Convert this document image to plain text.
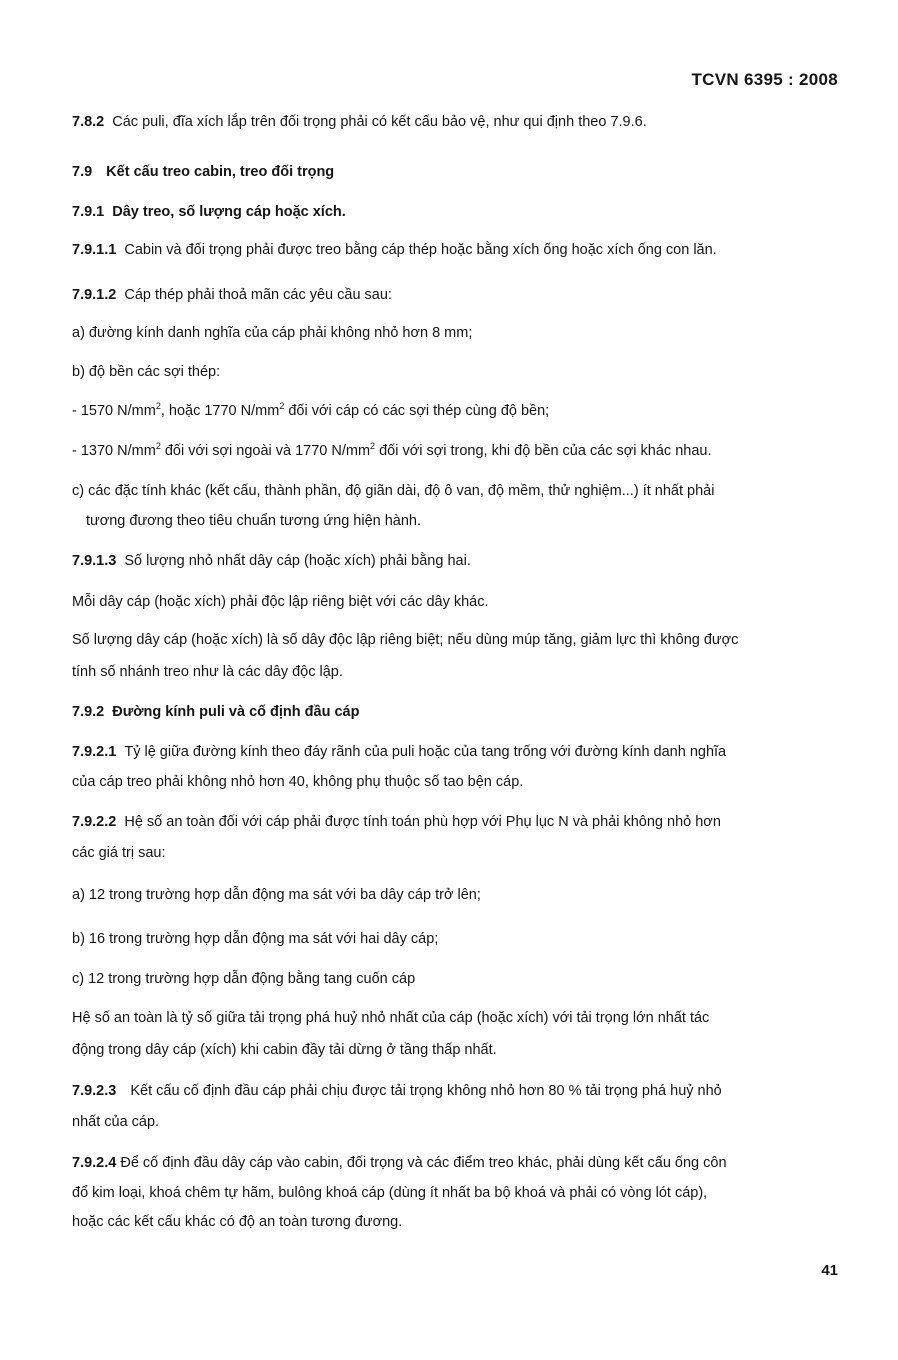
TCVN 6395 : 2008
7.8.2 Các puli, đĩa xích lắp trên đối trọng phải có kết cấu bảo vệ, như qui định theo 7.9.6.
7.9 Kết cấu treo cabin, treo đối trọng
7.9.1 Dây treo, số lượng cáp hoặc xích.
7.9.1.1 Cabin và đối trọng phải được treo bằng cáp thép hoặc bằng xích ống hoặc xích ống con lăn.
7.9.1.2 Cáp thép phải thoả mãn các yêu cầu sau:
a) đường kính danh nghĩa của cáp phải không nhỏ hơn 8 mm;
b) độ bền các sợi thép:
- 1570 $N/mm^2$, hoặc 1770 $N/mm^2$ đối với cáp có các sợi thép cùng độ bền;
- 1370 $N/mm^2$ đối với sợi ngoài và 1770 $N/mm^2$ đối với sợi trong, khi độ bền của các sợi khác nhau.
c) các đặc tính khác (kết cấu, thành phần, độ giãn dài, độ ô van, độ mềm, thử nghiệm...) ít nhất phải
tương đương theo tiêu chuẩn tương ứng hiện hành.
7.9.1.3 Số lượng nhỏ nhất dây cáp (hoặc xích) phải bằng hai.
Mỗi dây cáp (hoặc xích) phải độc lập riêng biệt với các dây khác.
Số lượng dây cáp (hoặc xích) là số dây độc lập riêng biệt; nếu dùng múp tăng, giảm lực thì không được
tính số nhánh treo như là các dây độc lập.
7.9.2 Đường kính puli và cố định đầu cáp
7.9.2.1 Tỷ lệ giữa đường kính theo đáy rãnh của puli hoặc của tang trống với đường kính danh nghĩa
của cáp treo phải không nhỏ hơn 40, không phụ thuộc số tao bện cáp.
7.9.2.2 Hệ số an toàn đối với cáp phải được tính toán phù hợp với Phụ lục N và phải không nhỏ hơn
các giá trị sau:
a) 12 trong trường hợp dẫn động ma sát với ba dây cáp trở lên;
b) 16 trong trường hợp dẫn động ma sát với hai dây cáp;
c) 12 trong trường hợp dẫn động bằng tang cuốn cáp
Hệ số an toàn là tỷ số giữa tải trọng phá huỷ nhỏ nhất của cáp (hoặc xích) với tải trọng lớn nhất tác
động trong dây cáp (xích) khi cabin đầy tải dừng ở tầng thấp nhất.
7.9.2.3 Kết cấu cố định đầu cáp phải chịu được tải trọng không nhỏ hơn 80 % tải trọng phá huỷ nhỏ
nhất của cáp.
7.9.2.4 Để cố định đầu dây cáp vào cabin, đối trọng và các điểm treo khác, phải dùng kết cấu ống côn
đổ kim loại, khoá chêm tự hãm, bulông khoá cáp (dùng ít nhất ba bộ khoá và phải có vòng lót cáp),
hoặc các kết cấu khác có độ an toàn tương đương.
41
